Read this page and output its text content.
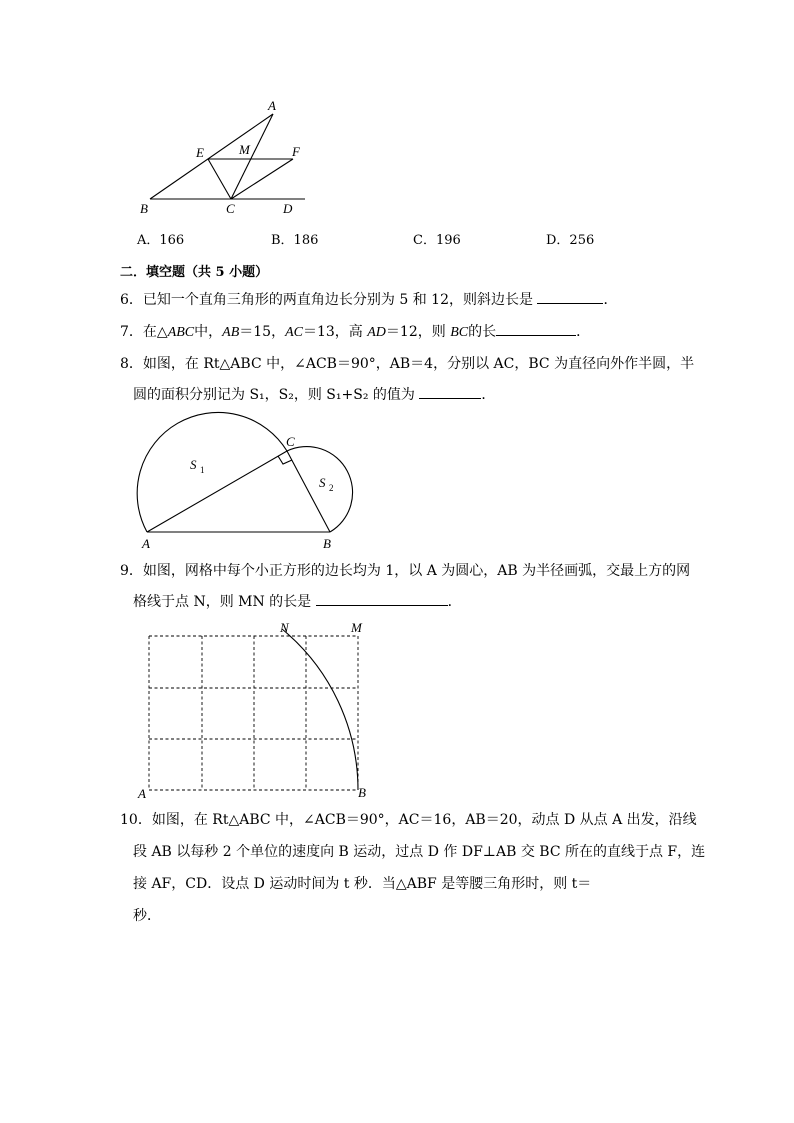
A
B	C	D
E	M	F
A．166	B．186	C．196	D．256
二．填空题（共 5 小题）
6．已知一个直角三角形的两直角边长分别为 5 和 12，则斜边长是	．
7．在△ABC中，AB＝15，AC＝13，高 AD＝12，则 BC的长	．
8．如图，在 Rt△ABC 中，∠ACB＝90°，AB＝4，分别以 AC，BC 为直径向外作半圆，半
圆的面积分别记为 S₁，S₂，则 S₁+S₂ 的值为	．
A	B
C
S 1
S 2
9．如图，网格中每个小正方形的边长均为 1，以 A 为圆心，AB 为半径画弧，交最上方的网
格线于点 N，则 MN 的长是	．
N	M
A	B
10．如图，在 Rt△ABC 中，∠ACB＝90°，AC＝16，AB＝20，动点 D 从点 A 出发，沿线
段 AB 以每秒 2 个单位的速度向 B 运动，过点 D 作 DF⊥AB 交 BC 所在的直线于点 F，连
接 AF，CD．设点 D 运动时间为 t 秒．当△ABF 是等腰三角形时，则 t＝
秒．
